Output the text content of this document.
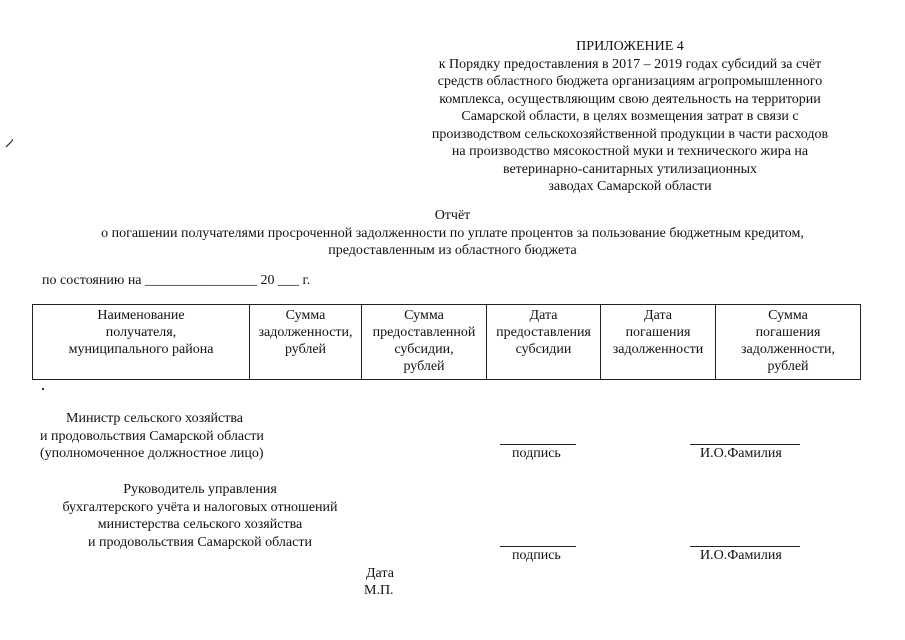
ПРИЛОЖЕНИЕ 4
к Порядку предоставления в 2017 – 2019 годах субсидий за счёт
средств областного бюджета организациям агропромышленного
комплекса, осуществляющим свою деятельность на территории
Самарской области, в целях возмещения затрат в связи с
производством сельскохозяйственной продукции в части расходов
на производство мясокостной муки и технического жира на
ветеринарно-санитарных утилизационных
заводах Самарской области
Отчёт
о погашении получателями просроченной задолженности по уплате процентов за пользование бюджетным кредитом,
предоставленным из областного бюджета
по состоянию на ________________ 20 ___ г.
Наименование
получателя,
муниципального района

Сумма
задолженности,
рублей

Сумма
предоставленной
субсидии,
рублей

Дата
предоставления
субсидии

Дата
погашения
задолженности

Сумма
погашения
задолженности,
рублей
Министр сельского хозяйства
и продовольствия Самарской области
(уполномоченное должностное лицо)	подпись	И.О.Фамилия
Руководитель управления
бухгалтерского учёта и налоговых отношений
министерства сельского хозяйства
и продовольствия Самарской области
подпись	И.О.Фамилия
Дата
М.П.
